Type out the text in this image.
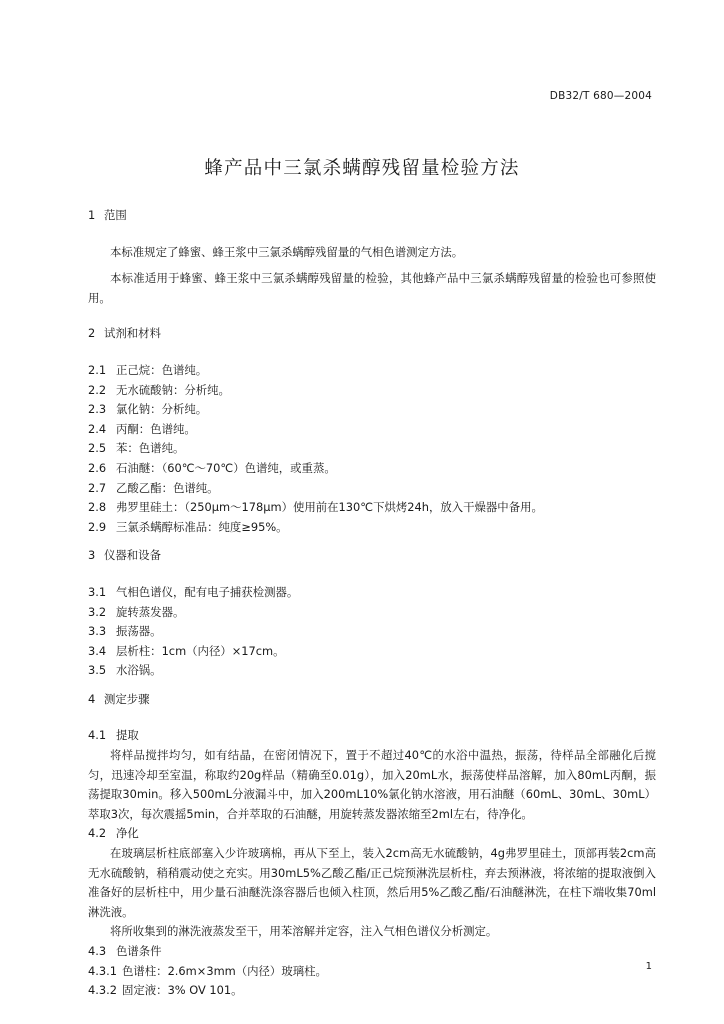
DB32/T 680—2004
蜂产品中三氯杀螨醇残留量检验方法
1 范围
本标准规定了蜂蜜、蜂王浆中三氯杀螨醇残留量的气相色谱测定方法。
本标准适用于蜂蜜、蜂王浆中三氯杀螨醇残留量的检验，其他蜂产品中三氯杀螨醇残留量的检验也可参照使用。
2 试剂和材料
2.1 正己烷：色谱纯。
2.2 无水硫酸钠：分析纯。
2.3 氯化钠：分析纯。
2.4 丙酮：色谱纯。
2.5 苯：色谱纯。
2.6 石油醚：（60℃～70℃）色谱纯，或重蒸。
2.7 乙酸乙酯：色谱纯。
2.8 弗罗里硅土：（250μm～178μm）使用前在130℃下烘烤24h，放入干燥器中备用。
2.9 三氯杀螨醇标准品：纯度≥95%。
3 仪器和设备
3.1 气相色谱仪，配有电子捕获检测器。
3.2 旋转蒸发器。
3.3 振荡器。
3.4 层析柱：1cm（内径）×17cm。
3.5 水浴锅。
4 测定步骤
4.1 提取
将样品搅拌均匀，如有结晶，在密闭情况下，置于不超过40℃的水浴中温热，振荡，待样品全部融化后搅匀，迅速冷却至室温，称取约20g样品（精确至0.01g），加入20mL水，振荡使样品溶解，加入80mL丙酮，振荡提取30min。移入500mL分液漏斗中，加入200mL10%氯化钠水溶液，用石油醚（60mL、30mL、30mL）萃取3次，每次震摇5min，合并萃取的石油醚，用旋转蒸发器浓缩至2ml左右，待净化。
4.2 净化
在玻璃层析柱底部塞入少许玻璃棉，再从下至上，装入2cm高无水硫酸钠，4g弗罗里硅土，顶部再装2cm高无水硫酸钠，稍稍震动使之充实。用30mL5%乙酸乙酯/正己烷预淋洗层析柱，弃去预淋液，将浓缩的提取液倒入准备好的层析柱中，用少量石油醚洗涤容器后也倾入柱顶，然后用5%乙酸乙酯/石油醚淋洗，在柱下端收集70ml淋洗液。
将所收集到的淋洗液蒸发至干，用苯溶解并定容，注入气相色谱仪分析测定。
4.3 色谱条件
4.3.1 色谱柱：2.6m×3mm（内径）玻璃柱。
4.3.2 固定液：3% OV 101。
1
